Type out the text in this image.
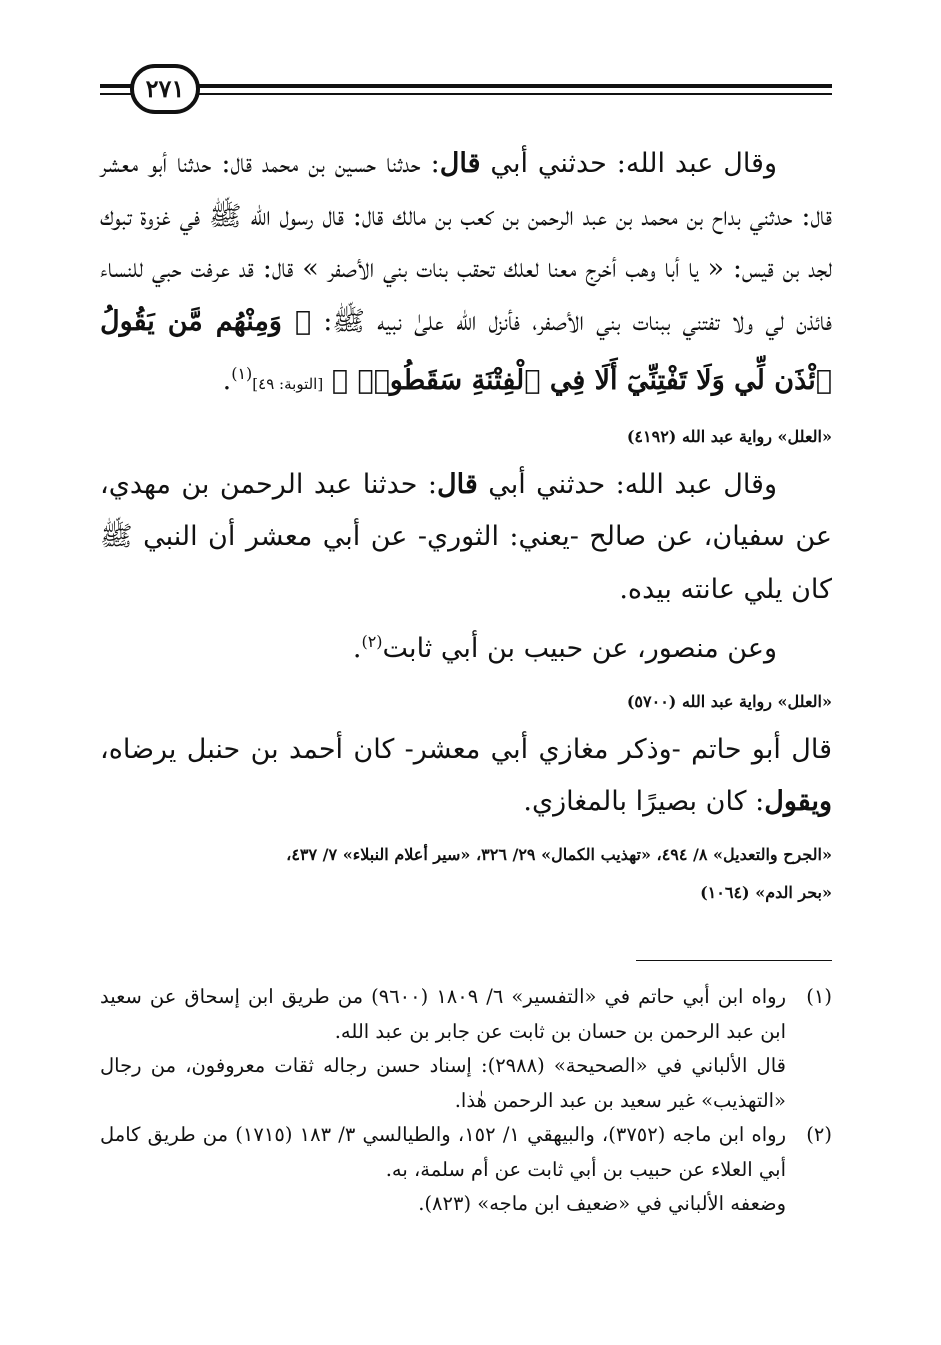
٢٧١

وقال عبد الله: حدثني أبي قال: حدثنا حسين بن محمد قال: حدثنا أبو معشر قال: حدثني بداح بن محمد بن عبد الرحمن بن كعب بن مالك قال: قال رسول الله ﷺ في غزوة تبوك لجد بن قيس: « يا أبا وهب أخرج معنا لعلك تحقب بنات بني الأصفر » قال: قد عرفت حبي للنساء فائذن لي ولا تفتني ببنات بني الأصفر، فأنزل الله علىٰ نبيه ﷺ: ﴿ وَمِنْهُم مَّن يَقُولُ ٱئْذَن لِّي وَلَا تَفْتِنِّيٓ أَلَا فِي ٱلْفِتْنَةِ سَقَطُوا۟ ﴾ [التوبة: ٤٩]$^{(١)}$.

«العلل» رواية عبد الله (٤١٩٢)

وقال عبد الله: حدثني أبي قال: حدثنا عبد الرحمن بن مهدي، عن سفيان، عن صالح -يعني: الثوري- عن أبي معشر أن النبي ﷺ كان يلي عانته بيده.

وعن منصور، عن حبيب بن أبي ثابت$^{(٢)}$.

«العلل» رواية عبد الله (٥٧٠٠)

قال أبو حاتم -وذكر مغازي أبي معشر- كان أحمد بن حنبل يرضاه، ويقول: كان بصيرًا بالمغازي.

«الجرح والتعديل» ٨/ ٤٩٤، «تهذيب الكمال» ٢٩/ ٣٢٦، «سير أعلام النبلاء» ٧/ ٤٣٧،
«بحر الدم» (١٠٦٤)
(١)

رواه ابن أبي حاتم في «التفسير» ٦/ ١٨٠٩ (٩٦٠٠) من طريق ابن إسحاق عن سعيد ابن عبد الرحمن بن حسان بن ثابت عن جابر بن عبد الله.

قال الألباني في «الصحيحة» (٢٩٨٨): إسناد حسن رجاله ثقات معروفون، من رجال «التهذيب» غير سعيد بن عبد الرحمن هٰذا.

(٢)

رواه ابن ماجه (٣٧٥٢)، والبيهقي ١/ ١٥٢، والطيالسي ٣/ ١٨٣ (١٧١٥) من طريق كامل أبي العلاء عن حبيب بن أبي ثابت عن أم سلمة، به.

وضعفه الألباني في «ضعيف ابن ماجه» (٨٢٣).
